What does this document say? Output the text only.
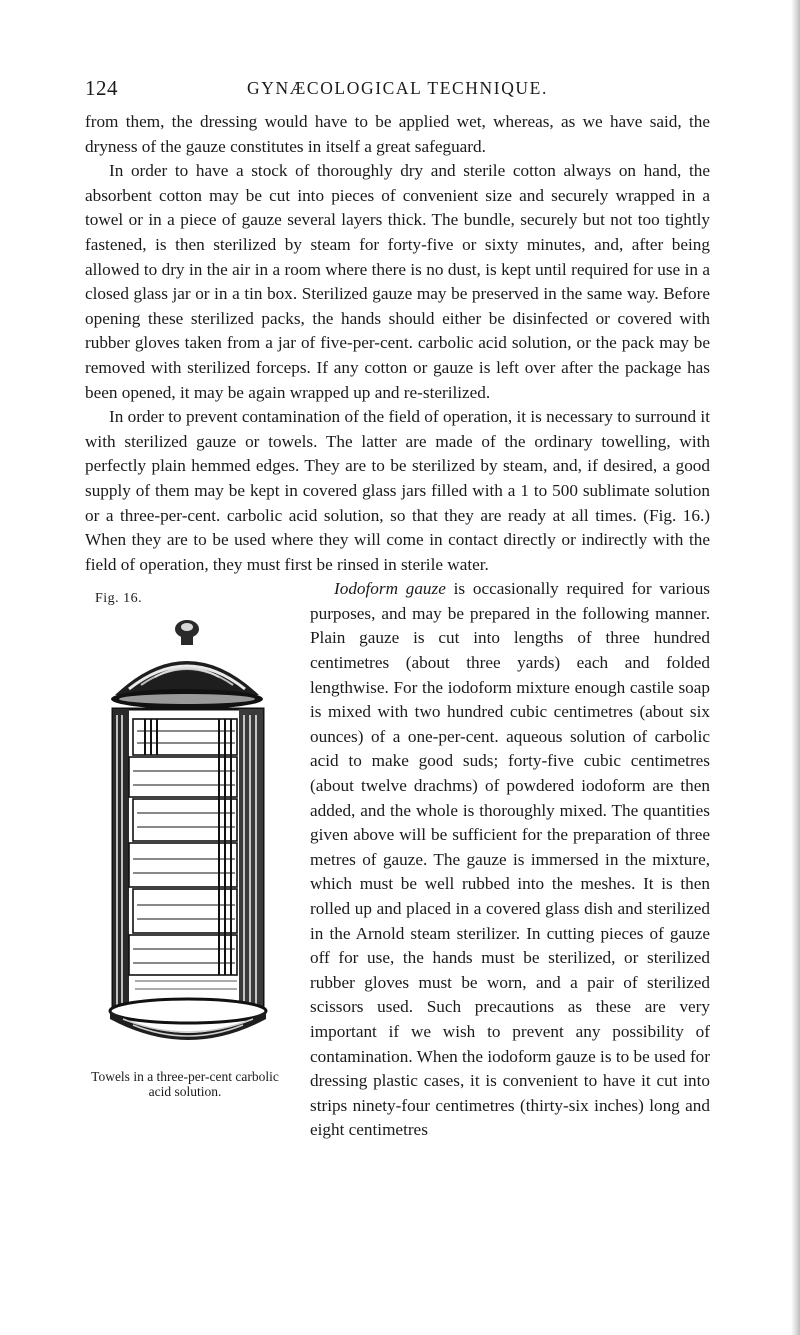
124	GYNÆCOLOGICAL TECHNIQUE.

from them, the dressing would have to be applied wet, whereas, as we have said, the dryness of the gauze constitutes in itself a great safeguard.

In order to have a stock of thoroughly dry and sterile cotton always on hand, the absorbent cotton may be cut into pieces of convenient size and securely wrapped in a towel or in a piece of gauze several layers thick. The bundle, securely but not too tightly fastened, is then sterilized by steam for forty-five or sixty minutes, and, after being allowed to dry in the air in a room where there is no dust, is kept until required for use in a closed glass jar or in a tin box. Sterilized gauze may be preserved in the same way. Before opening these sterilized packs, the hands should either be disinfected or covered with rubber gloves taken from a jar of five-per-cent. carbolic acid solution, or the pack may be removed with sterilized forceps. If any cotton or gauze is left over after the package has been opened, it may be again wrapped up and re-sterilized.

In order to prevent contamination of the field of operation, it is necessary to surround it with sterilized gauze or towels. The latter are made of the ordinary towelling, with perfectly plain hemmed edges. They are to be sterilized by steam, and, if desired, a good supply of them may be kept in covered glass jars filled with a 1 to 500 sublimate solution or a three-per-cent. carbolic acid solution, so that they are ready at all times. (Fig. 16.) When they are to be used where they will come in contact directly or indirectly with the field of operation, they must first be rinsed in sterile water.

Fig. 16.
Towels in a three-per-cent carbolic acid solution.

Iodoform gauze is occasionally required for various purposes, and may be prepared in the following manner. Plain gauze is cut into lengths of three hundred centimetres (about three yards) each and folded lengthwise. For the iodoform mixture enough castile soap is mixed with two hundred cubic centimetres (about six ounces) of a one-per-cent. aqueous solution of carbolic acid to make good suds; forty-five cubic centimetres (about twelve drachms) of powdered iodoform are then added, and the whole is thoroughly mixed. The quantities given above will be sufficient for the preparation of three metres of gauze. The gauze is immersed in the mixture, which must be well rubbed into the meshes. It is then rolled up and placed in a covered glass dish and sterilized in the Arnold steam sterilizer. In cutting pieces of gauze off for use, the hands must be sterilized, or sterilized rubber gloves must be worn, and a pair of sterilized scissors used. Such precautions as these are very important if we wish to prevent any possibility of contamination. When the iodoform gauze is to be used for dressing plastic cases, it is convenient to have it cut into strips ninety-four centimetres (thirty-six inches) long and eight centimetres
